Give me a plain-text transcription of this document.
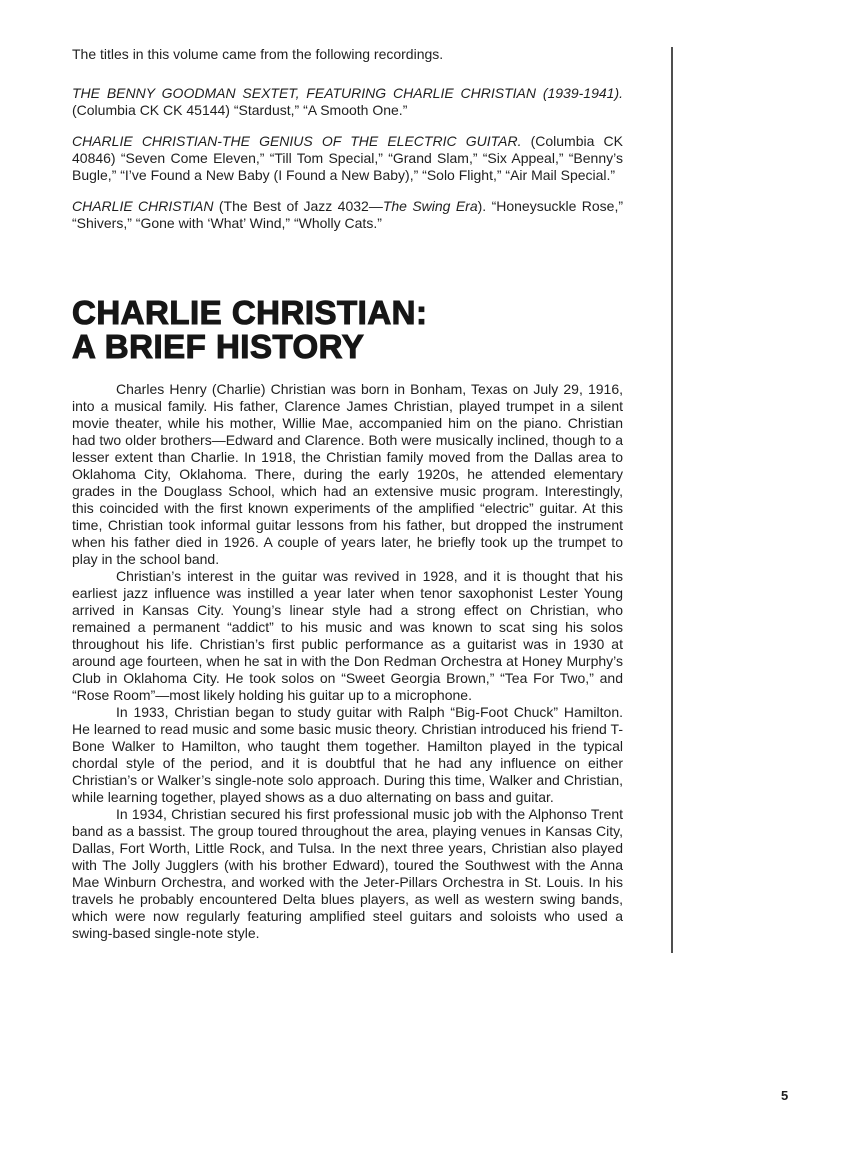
The titles in this volume came from the following recordings.

THE BENNY GOODMAN SEXTET, FEATURING CHARLIE CHRISTIAN (1939-1941). (Columbia CK CK 45144) “Stardust,” “A Smooth One.”

CHARLIE CHRISTIAN-THE GENIUS OF THE ELECTRIC GUITAR. (Columbia CK 40846) “Seven Come Eleven,” “Till Tom Special,” “Grand Slam,” “Six Appeal,” “Benny’s Bugle,” “I’ve Found a New Baby (I Found a New Baby),” “Solo Flight,” “Air Mail Special.”

CHARLIE CHRISTIAN (The Best of Jazz 4032—The Swing Era). “Honeysuckle Rose,” “Shivers,” “Gone with ‘What’ Wind,” “Wholly Cats.”

CHARLIE CHRISTIAN:
A BRIEF HISTORY

Charles Henry (Charlie) Christian was born in Bonham, Texas on July 29, 1916, into a musical family. His father, Clarence James Christian, played trumpet in a silent movie theater, while his mother, Willie Mae, accompanied him on the piano. Christian had two older brothers—Edward and Clarence. Both were musically inclined, though to a lesser extent than Charlie. In 1918, the Christian family moved from the Dallas area to Oklahoma City, Oklahoma. There, during the early 1920s, he attended elementary grades in the Douglass School, which had an extensive music program. Interestingly, this coincided with the first known experiments of the amplified “electric” guitar. At this time, Christian took informal guitar lessons from his father, but dropped the instrument when his father died in 1926. A couple of years later, he briefly took up the trumpet to play in the school band.

Christian’s interest in the guitar was revived in 1928, and it is thought that his earliest jazz influence was instilled a year later when tenor saxophonist Lester Young arrived in Kansas City. Young’s linear style had a strong effect on Christian, who remained a permanent “addict” to his music and was known to scat sing his solos throughout his life. Christian’s first public performance as a guitarist was in 1930 at around age fourteen, when he sat in with the Don Redman Orchestra at Honey Murphy’s Club in Oklahoma City. He took solos on “Sweet Georgia Brown,” “Tea For Two,” and “Rose Room”—most likely holding his guitar up to a microphone.

In 1933, Christian began to study guitar with Ralph “Big-Foot Chuck” Hamilton. He learned to read music and some basic music theory. Christian introduced his friend T-Bone Walker to Hamilton, who taught them together. Hamilton played in the typical chordal style of the period, and it is doubtful that he had any influence on either Christian’s or Walker’s single-note solo approach. During this time, Walker and Christian, while learning together, played shows as a duo alternating on bass and guitar.

In 1934, Christian secured his first professional music job with the Alphonso Trent band as a bassist. The group toured throughout the area, playing venues in Kansas City, Dallas, Fort Worth, Little Rock, and Tulsa. In the next three years, Christian also played with The Jolly Jugglers (with his brother Edward), toured the Southwest with the Anna Mae Winburn Orchestra, and worked with the Jeter-Pillars Orchestra in St. Louis. In his travels he probably encountered Delta blues players, as well as western swing bands, which were now regularly featuring amplified steel guitars and soloists who used a swing-based single-note style.

5
